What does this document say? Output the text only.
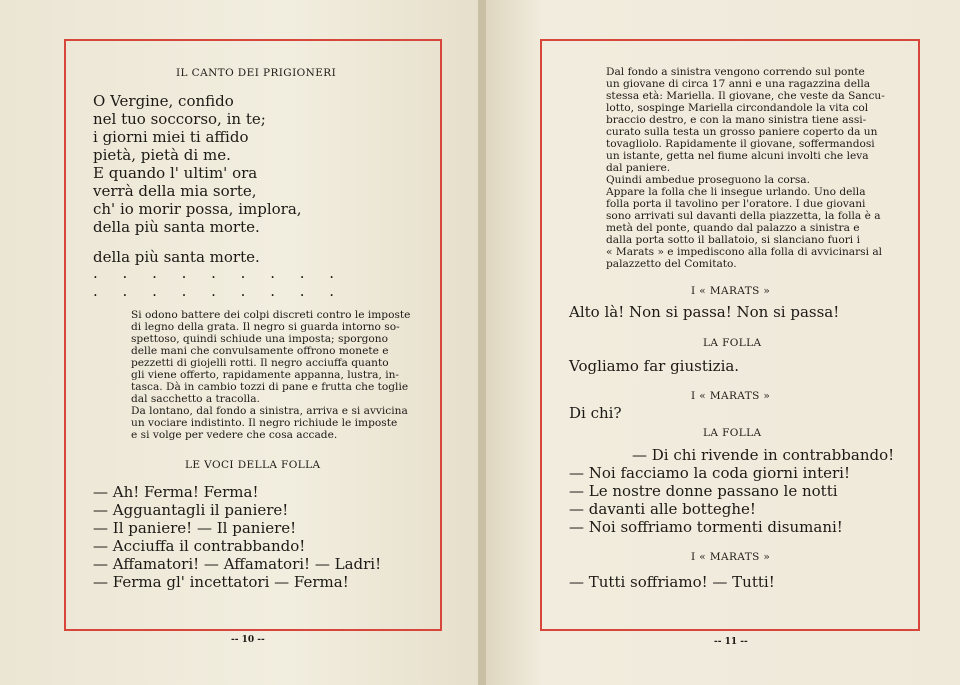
IL CANTO DEI PRIGIONERI
O Vergine, confido
nel tuo soccorso, in te;
i giorni miei ti affido
pietà, pietà di me.
E quando l' ultim' ora
verrà della mia sorte,
ch' io morir possa, implora,
della più santa morte.
della più santa morte.
. . . . . . . . .
. . . . . . . . .
Si odono battere dei colpi discreti contro le imposte
di legno della grata. Il negro si guarda intorno so-
spettoso, quindi schiude una imposta; sporgono
delle mani che convulsamente offrono monete e
pezzetti di giojelli rotti. Il negro acciuffa quanto
gli viene offerto, rapidamente appanna, lustra, in-
tasca. Dà in cambio tozzi di pane e frutta che toglie
dal sacchetto a tracolla.
Da lontano, dal fondo a sinistra, arriva e si avvicina
un vociare indistinto. Il negro richiude le imposte
e si volge per vedere che cosa accade.
LE VOCI DELLA FOLLA
— Ah! Ferma! Ferma!
— Agguantagli il paniere!
— Il paniere! — Il paniere!
— Acciuffa il contrabbando!
— Affamatori! — Affamatori! — Ladri!
— Ferma gl' incettatori — Ferma!
-- 10 --
Dal fondo a sinistra vengono correndo sul ponte
un giovane di circa 17 anni e una ragazzina della
stessa età: Mariella. Il giovane, che veste da Sancu-
lotto, sospinge Mariella circondandole la vita col
braccio destro, e con la mano sinistra tiene assi-
curato sulla testa un grosso paniere coperto da un
tovagliolo. Rapidamente il giovane, soffermandosi
un istante, getta nel fiume alcuni involti che leva
dal paniere.
Quindi ambedue proseguono la corsa.
Appare la folla che li insegue urlando. Uno della
folla porta il tavolino per l'oratore. I due giovani
sono arrivati sul davanti della piazzetta, la folla è a
metà del ponte, quando dal palazzo a sinistra e
dalla porta sotto il ballatoio, si slanciano fuori i
« Marats » e impediscono alla folla di avvicinarsi al
palazzetto del Comitato.
I « MARATS »
Alto là! Non si passa! Non si passa!
LA FOLLA
Vogliamo far giustizia.
I « MARATS »
Di chi?
LA FOLLA
— Di chi rivende in contrabbando!
— Noi facciamo la coda giorni interi!
— Le nostre donne passano le notti
— davanti alle botteghe!
— Noi soffriamo tormenti disumani!
I « MARATS »
— Tutti soffriamo! — Tutti!
-- 11 --
